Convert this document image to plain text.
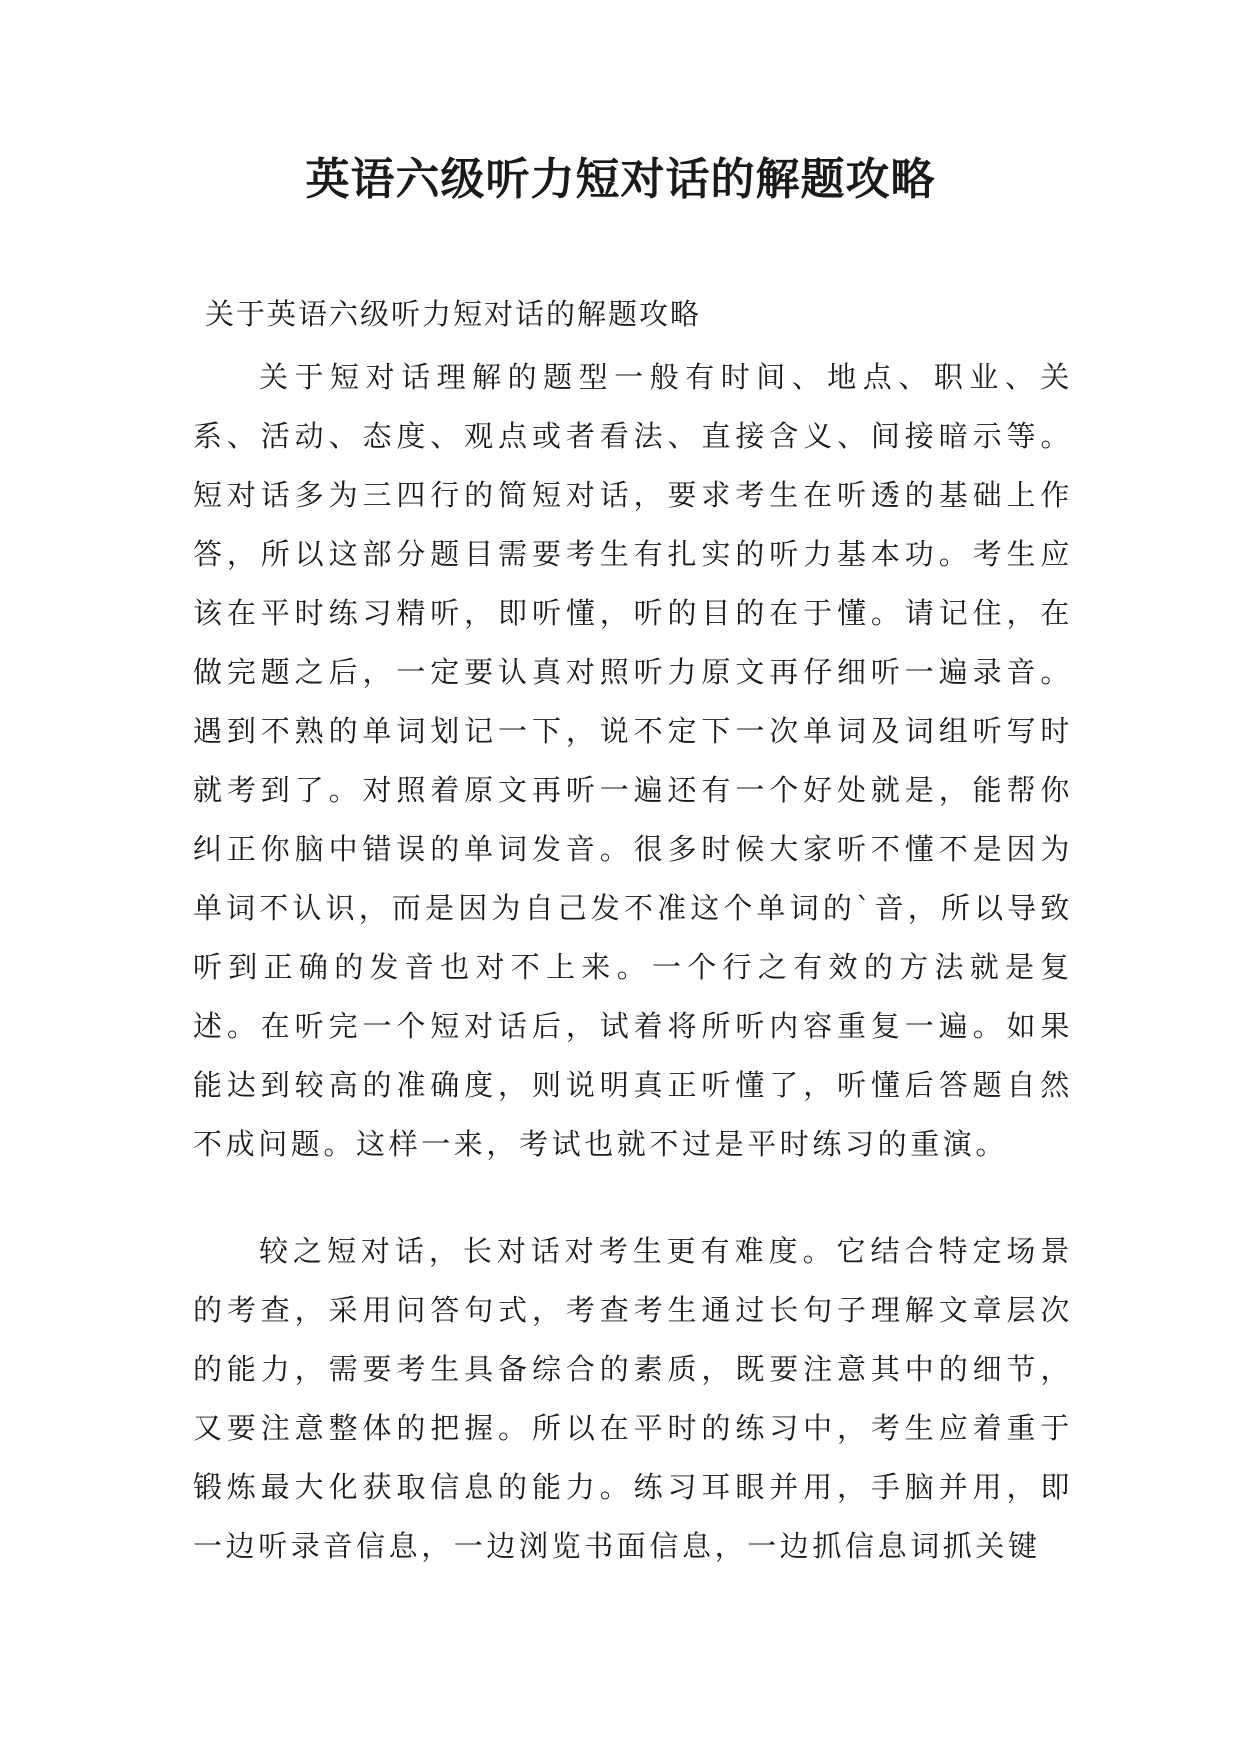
英语六级听力短对话的解题攻略

关于英语六级听力短对话的解题攻略

关于短对话理解的题型一般有时间、地点、职业、关系、活动、态度、观点或者看法、直接含义、间接暗示等。短对话多为三四行的简短对话，要求考生在听透的基础上作答，所以这部分题目需要考生有扎实的听力基本功。考生应该在平时练习精听，即听懂，听的目的在于懂。请记住，在做完题之后，一定要认真对照听力原文再仔细听一遍录音。遇到不熟的单词划记一下，说不定下一次单词及词组听写时就考到了。对照着原文再听一遍还有一个好处就是，能帮你纠正你脑中错误的单词发音。很多时候大家听不懂不是因为单词不认识，而是因为自己发不准这个单词的`音，所以导致听到正确的发音也对不上来。一个行之有效的方法就是复述。在听完一个短对话后，试着将所听内容重复一遍。如果能达到较高的准确度，则说明真正听懂了，听懂后答题自然不成问题。这样一来，考试也就不过是平时练习的重演。

较之短对话，长对话对考生更有难度。它结合特定场景的考查，采用问答句式，考查考生通过长句子理解文章层次的能力，需要考生具备综合的素质，既要注意其中的细节，又要注意整体的把握。所以在平时的练习中，考生应着重于锻炼最大化获取信息的能力。练习耳眼并用，手脑并用，即一边听录音信息，一边浏览书面信息，一边抓信息词抓关键
